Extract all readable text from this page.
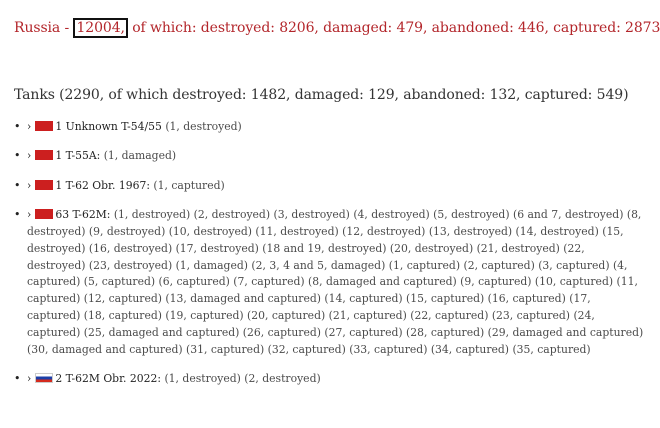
Russia - 12004, of which: destroyed: 8206, damaged: 479, abandoned: 446, captured: 2873
Tanks (2290, of which destroyed: 1482, damaged: 129, abandoned: 132, captured: 549)
• › 1 Unknown T-54/55 (1, destroyed)
• › 1 T-55A: (1, damaged)
• › 1 T-62 Obr. 1967: (1, captured)
• › 63 T-62M: (1, destroyed) (2, destroyed) (3, destroyed) (4, destroyed) (5, destroyed) (6 and 7, destroyed) (8, destroyed) (9, destroyed) (10, destroyed) (11, destroyed) (12, destroyed) (13, destroyed) (14, destroyed) (15, destroyed) (16, destroyed) (17, destroyed) (18 and 19, destroyed) (20, destroyed) (21, destroyed) (22, destroyed) (23, destroyed) (1, damaged) (2, 3, 4 and 5, damaged) (1, captured) (2, captured) (3, captured) (4, captured) (5, captured) (6, captured) (7, captured) (8, damaged and captured) (9, captured) (10, captured) (11, captured) (12, captured) (13, damaged and captured) (14, captured) (15, captured) (16, captured) (17, captured) (18, captured) (19, captured) (20, captured) (21, captured) (22, captured) (23, captured) (24, captured) (25, damaged and captured) (26, captured) (27, captured) (28, captured) (29, damaged and captured) (30, damaged and captured) (31, captured) (32, captured) (33, captured) (34, captured) (35, captured)
• › 2 T-62M Obr. 2022: (1, destroyed) (2, destroyed)
